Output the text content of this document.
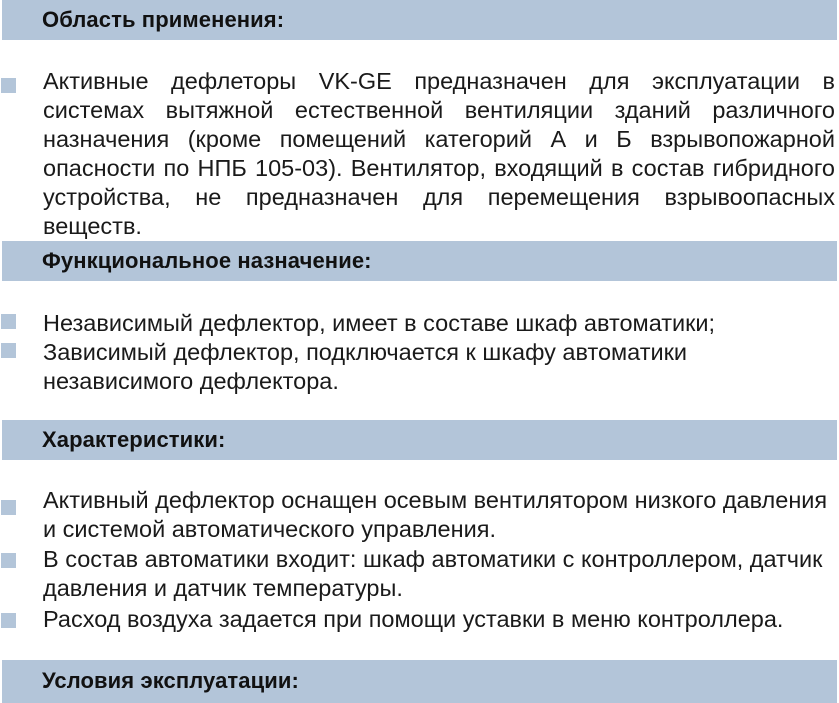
Область применения:

Активные дефлеторы VK-GE предназначен для эксплуатации в системах вытяжной естественной вентиляции зданий различного назначения (кроме помещений категорий А и Б взрывопожарной опасности по НПБ 105-03). Вентилятор, входящий в состав гибридного устройства, не предназначен для перемещения взрывоопасных веществ.

Функциональное назначение:

Независимый дефлектор, имеет в составе шкаф автоматики;

Зависимый дефлектор, подключается к шкафу автоматики независимого дефлектора.

Характеристики:

Активный дефлектор оснащен осевым вентилятором низкого давления и системой автоматического управления.

В состав автоматики входит: шкаф автоматики с контроллером, датчик давления и датчик температуры.

Расход воздуха задается при помощи уставки в меню контроллера.

Условия эксплуатации:
